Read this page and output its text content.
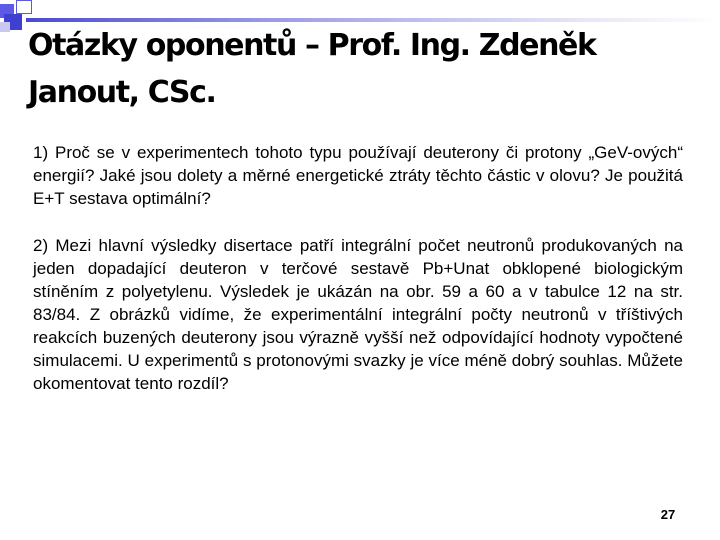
Otázky oponentů – Prof. Ing. Zdeněk Janout, CSc.

1) Proč se v experimentech tohoto typu používají deuterony či protony „GeV-ových“ energií? Jaké jsou dolety a měrné energetické ztráty těchto částic v olovu? Je použitá E+T sestava optimální?

2) Mezi hlavní výsledky disertace patří integrální počet neutronů produkovaných na jeden dopadající deuteron v terčové sestavě Pb+Unat obklopené biologickým stíněním z polyetylenu. Výsledek je ukázán na obr. 59 a 60 a v tabulce 12 na str. 83/84. Z obrázků vidíme, že experimentální integrální počty neutronů v tříštivých reakcích buzených deuterony jsou výrazně vyšší než odpovídající hodnoty vypočtené simulacemi. U experimentů s protonovými svazky je více méně dobrý souhlas. Můžete okomentovat tento rozdíl?

27
